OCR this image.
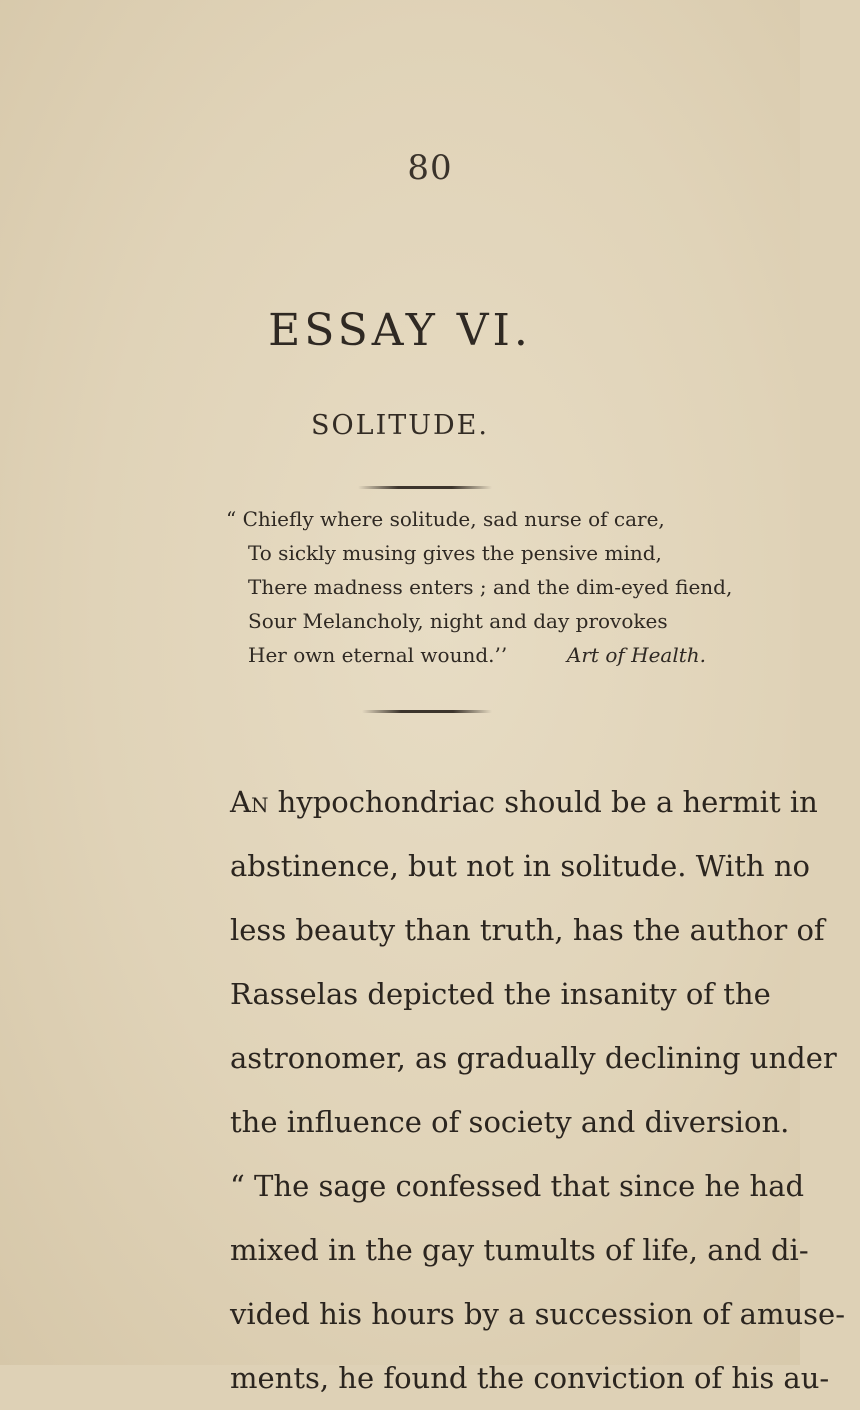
80
ESSAY VI.
SOLITUDE.
“ Chiefly where solitude, sad nurse of care,
To sickly musing gives the pensive mind,
There madness enters ; and the dim-eyed fiend,
Sour Melancholy, night and day provokes
Her own eternal wound.’’	Art of Health.
An hypochondriac should be a hermit in
abstinence, but not in solitude. With no
less beauty than truth, has the author of
Rasselas depicted the insanity of the
astronomer, as gradually declining under
the influence of society and diversion.
“ The sage confessed that since he had
mixed in the gay tumults of life, and di-
vided his hours by a succession of amuse-
ments, he found the conviction of his au-
